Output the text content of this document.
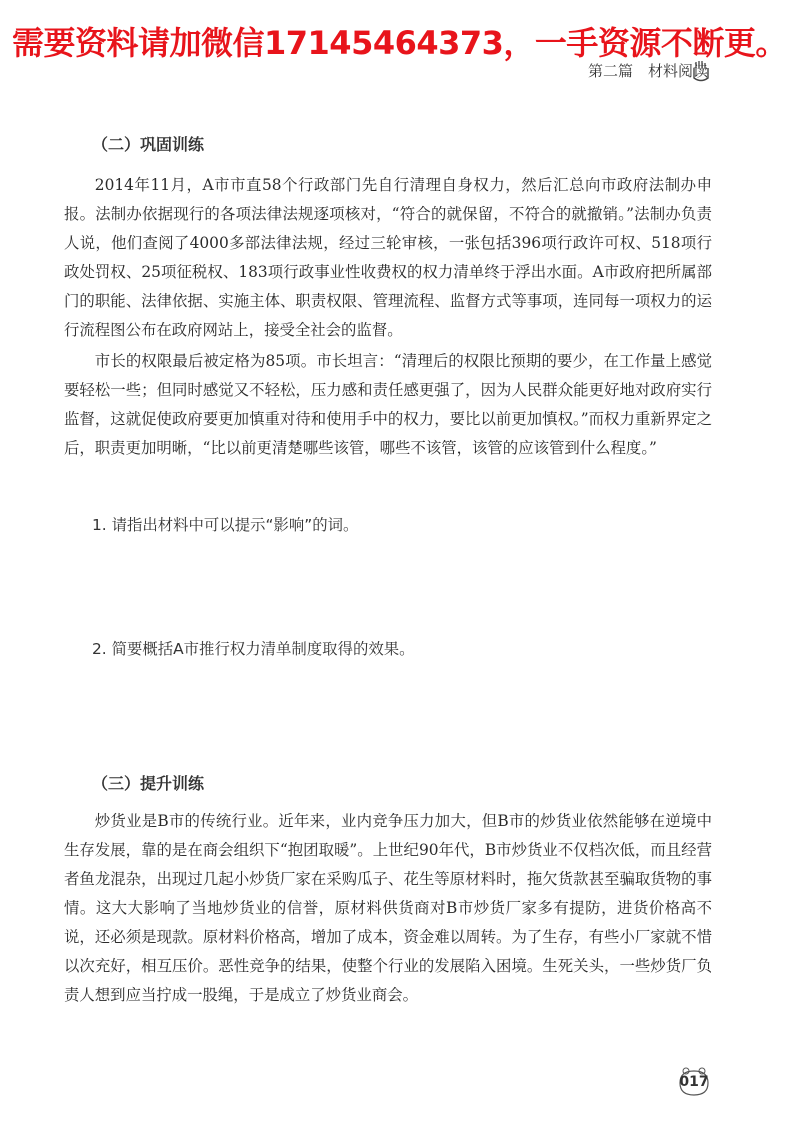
需要资料请加微信17145464373，一手资源不断更。
第二篇　材料阅读
（二）巩固训练

2014年11月，A市市直58个行政部门先自行清理自身权力，然后汇总向市政府法制办申报。法制办依据现行的各项法律法规逐项核对，“符合的就保留，不符合的就撤销。”法制办负责人说，他们查阅了4000多部法律法规，经过三轮审核，一张包括396项行政许可权、518项行政处罚权、25项征税权、183项行政事业性收费权的权力清单终于浮出水面。A市政府把所属部门的职能、法律依据、实施主体、职责权限、管理流程、监督方式等事项，连同每一项权力的运行流程图公布在政府网站上，接受全社会的监督。

市长的权限最后被定格为85项。市长坦言：“清理后的权限比预期的要少，在工作量上感觉要轻松一些；但同时感觉又不轻松，压力感和责任感更强了，因为人民群众能更好地对政府实行监督，这就促使政府要更加慎重对待和使用手中的权力，要比以前更加慎权。”而权力重新界定之后，职责更加明晰，“比以前更清楚哪些该管，哪些不该管，该管的应该管到什么程度。”

1. 请指出材料中可以提示“影响”的词。
2. 简要概括A市推行权力清单制度取得的效果。
（三）提升训练

炒货业是B市的传统行业。近年来，业内竞争压力加大，但B市的炒货业依然能够在逆境中生存发展，靠的是在商会组织下“抱团取暖”。上世纪90年代，B市炒货业不仅档次低，而且经营者鱼龙混杂，出现过几起小炒货厂家在采购瓜子、花生等原材料时，拖欠货款甚至骗取货物的事情。这大大影响了当地炒货业的信誉，原材料供货商对B市炒货厂家多有提防，进货价格高不说，还必须是现款。原材料价格高，增加了成本，资金难以周转。为了生存，有些小厂家就不惜以次充好，相互压价。恶性竞争的结果，使整个行业的发展陷入困境。生死关头，一些炒货厂负责人想到应当拧成一股绳，于是成立了炒货业商会。

017
